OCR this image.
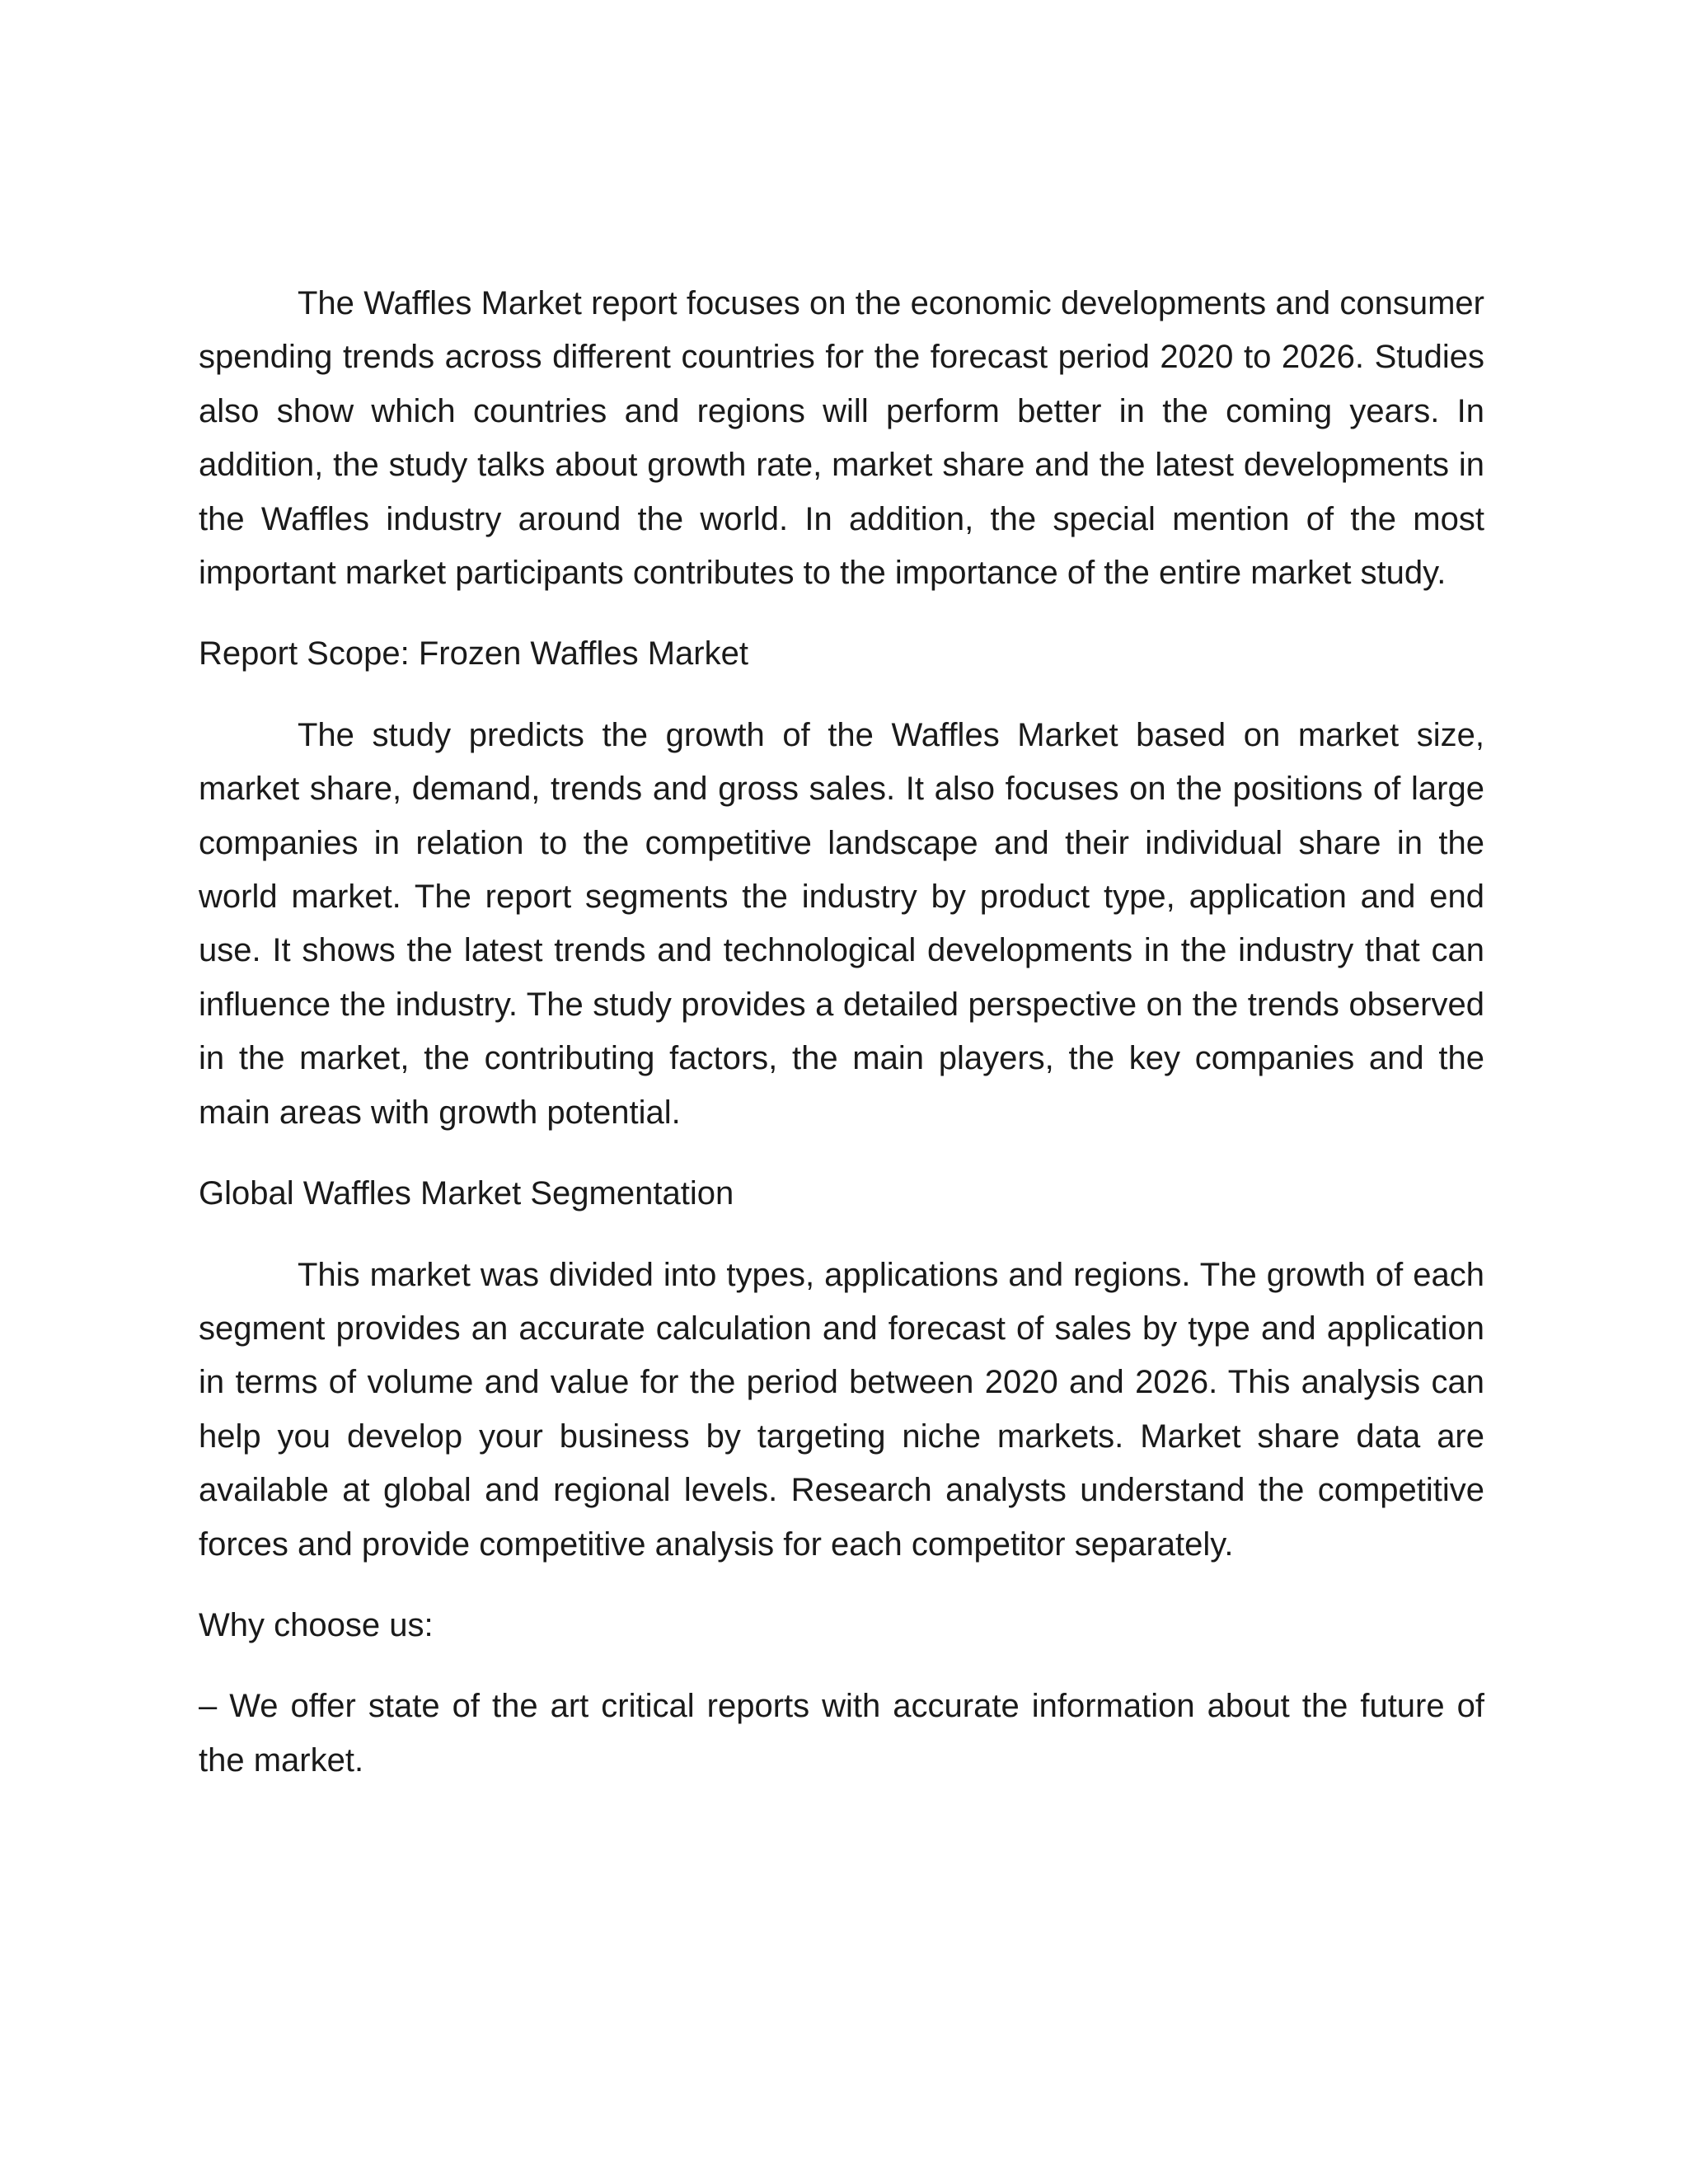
The Waffles Market report focuses on the economic developments and consumer spending trends across different countries for the forecast period 2020 to 2026. Studies also show which countries and regions will perform better in the coming years. In addition, the study talks about growth rate, market share and the latest developments in the Waffles industry around the world. In addition, the special mention of the most important market participants contributes to the importance of the entire market study.

Report Scope: Frozen Waffles Market

The study predicts the growth of the Waffles Market based on market size, market share, demand, trends and gross sales. It also focuses on the positions of large companies in relation to the competitive landscape and their individual share in the world market. The report segments the industry by product type, application and end use. It shows the latest trends and technological developments in the industry that can influence the industry. The study provides a detailed perspective on the trends observed in the market, the contributing factors, the main players, the key companies and the main areas with growth potential.

Global Waffles Market Segmentation

This market was divided into types, applications and regions. The growth of each segment provides an accurate calculation and forecast of sales by type and application in terms of volume and value for the period between 2020 and 2026. This analysis can help you develop your business by targeting niche markets. Market share data are available at global and regional levels. Research analysts understand the competitive forces and provide competitive analysis for each competitor separately.

Why choose us:

– We offer state of the art critical reports with accurate information about the future of the market.
